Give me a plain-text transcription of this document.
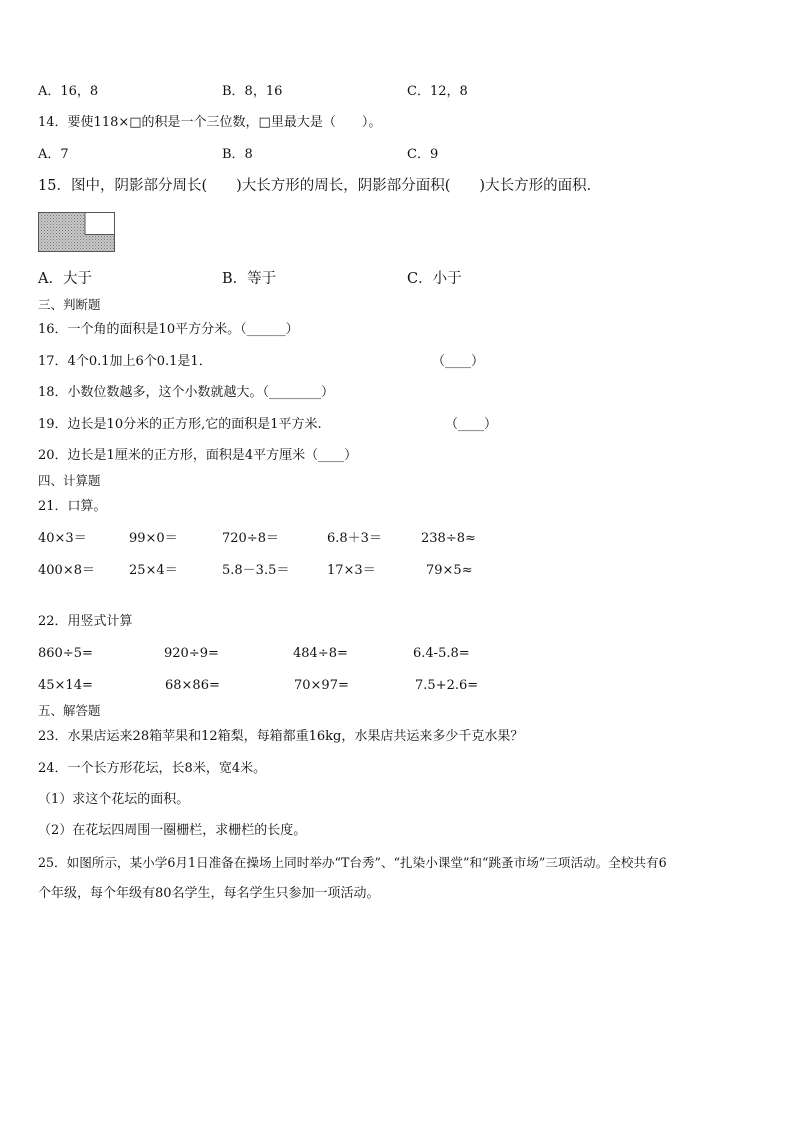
A．16，8	B．8，16	C．12，8
14．要使118×□的积是一个三位数，□里最大是（　　）。
A．7	B．8	C．9
15．图中，阴影部分周长(　　)大长方形的周长，阴影部分面积(　　)大长方形的面积．
A．大于	B．等于	C．小于
三、判断题
16．一个角的面积是10平方分米。（______）
17．4个0.1加上6个0.1是1．	（____）
18．小数位数越多，这个小数就越大。（________）
19．边长是10分米的正方形,它的面积是1平方米.	（____）
20．边长是1厘米的正方形，面积是4平方厘米（____）
四、计算题
21．口算。
40×3＝	99×0＝	720÷8＝	6.8＋3＝	238÷8≈
400×8＝	25×4＝	5.8－3.5＝	17×3＝	79×5≈
22．用竖式计算
860÷5=	920÷9=	484÷8=	6.4-5.8=
45×14=	68×86=	70×97=	7.5+2.6=
五、解答题
23．水果店运来28箱苹果和12箱梨，每箱都重16kg，水果店共运来多少千克水果？
24．一个长方形花坛，长8米，宽4米。
（1）求这个花坛的面积。
（2）在花坛四周围一圈栅栏，求栅栏的长度。
25．如图所示，某小学6月1日准备在操场上同时举办“T台秀”、“扎染小课堂”和“跳蚤市场”三项活动。全校共有6
个年级，每个年级有80名学生，每名学生只参加一项活动。
